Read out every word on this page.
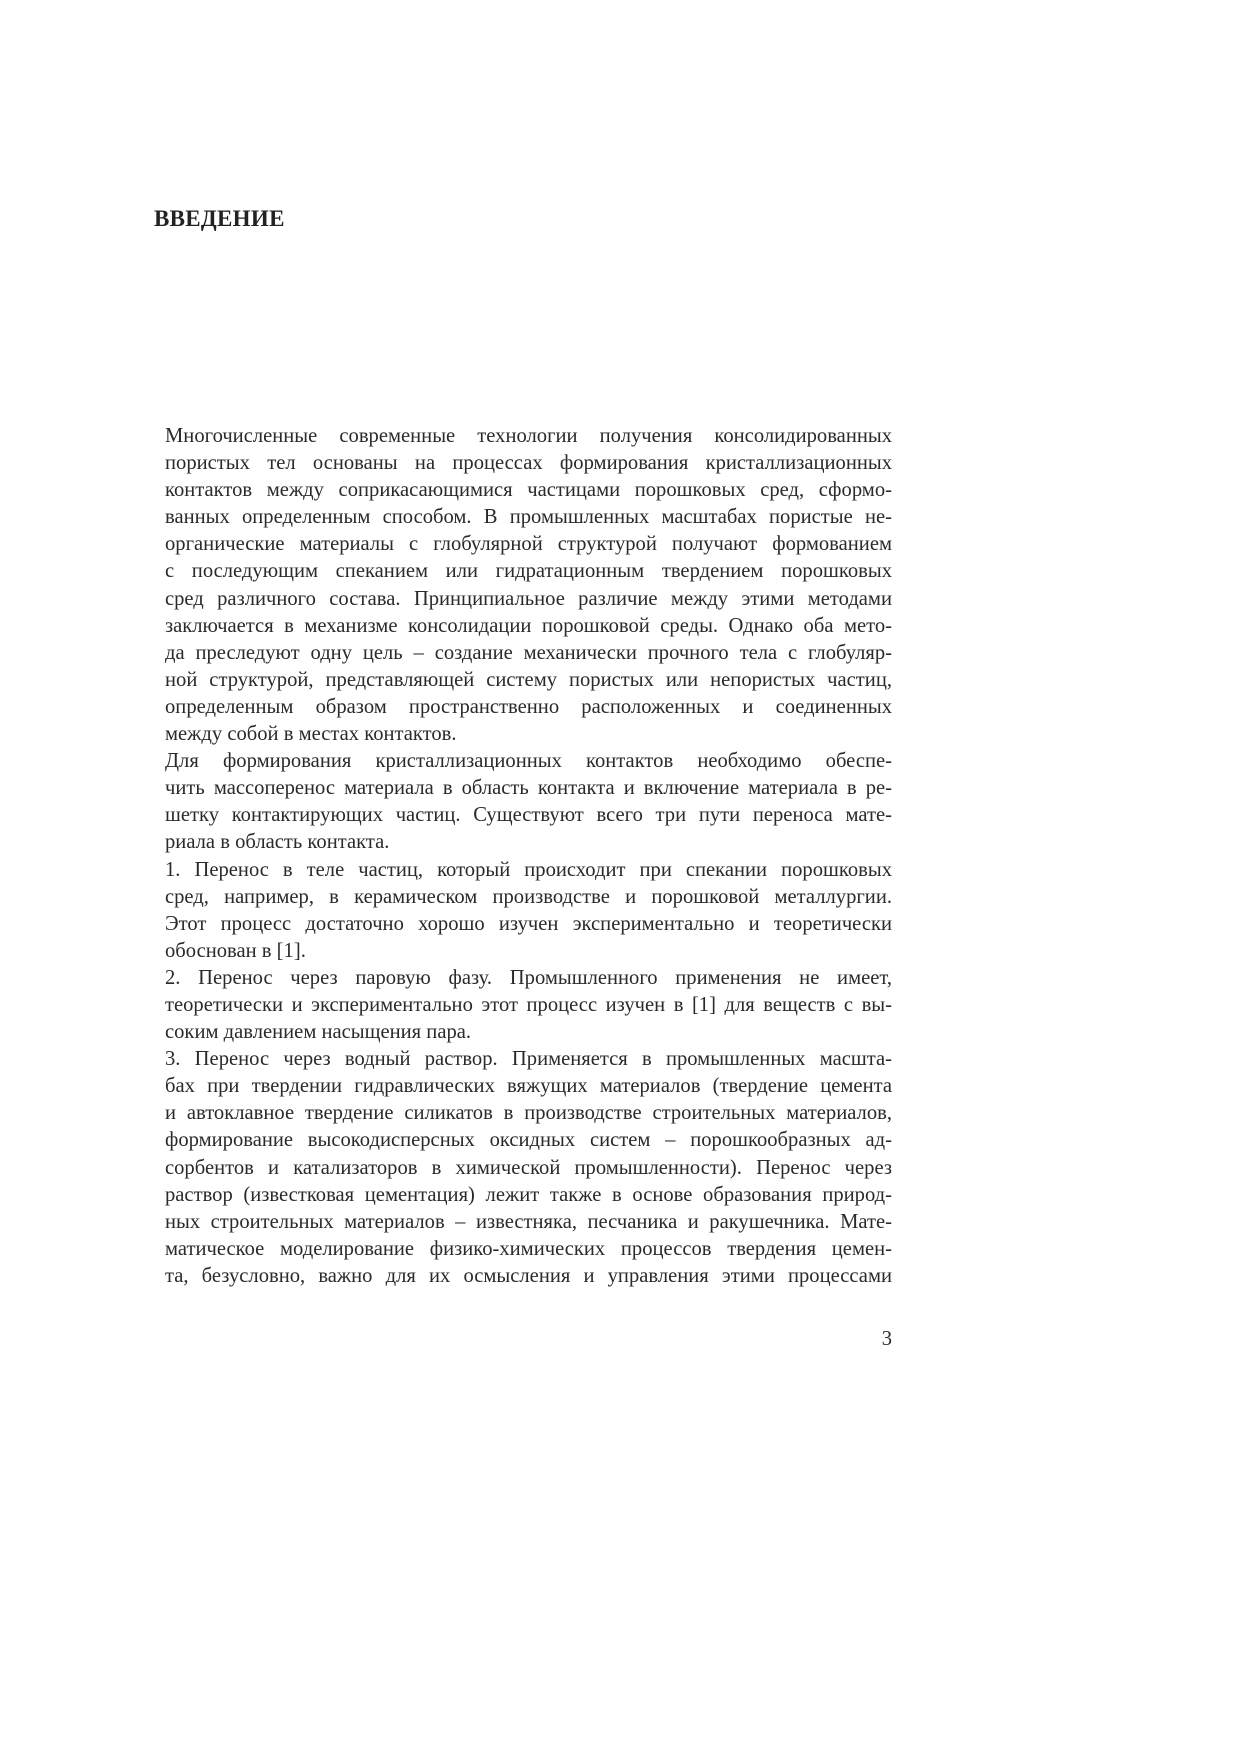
ВВЕДЕНИЕ

Многочисленные современные технологии получения консолидированных
пористых тел основаны на процессах формирования кристаллизационных
контактов между соприкасающимися частицами порошковых сред, сформо-
ванных определенным способом. В промышленных масштабах пористые не-
органические материалы с глобулярной структурой получают формованием
с последующим спеканием или гидратационным твердением порошковых
сред различного состава. Принципиальное различие между этими методами
заключается в механизме консолидации порошковой среды. Однако оба мето-
да преследуют одну цель – создание механически прочного тела с глобуляр-
ной структурой, представляющей систему пористых или непористых частиц,
определенным образом пространственно расположенных и соединенных
между собой в местах контактов.

Для формирования кристаллизационных контактов необходимо обеспе-
чить массоперенос материала в область контакта и включение материала в ре-
шетку контактирующих частиц. Существуют всего три пути переноса мате-
риала в область контакта.

1. Перенос в теле частиц, который происходит при спекании порошковых
сред, например, в керамическом производстве и порошковой металлургии.
Этот процесс достаточно хорошо изучен экспериментально и теоретически
обоснован в [1].

2. Перенос через паровую фазу. Промышленного применения не имеет,
теоретически и экспериментально этот процесс изучен в [1] для веществ с вы-
соким давлением насыщения пара.

3. Перенос через водный раствор. Применяется в промышленных масшта-
бах при твердении гидравлических вяжущих материалов (твердение цемента
и автоклавное твердение силикатов в производстве строительных материалов,
формирование высокодисперсных оксидных систем – порошкообразных ад-
сорбентов и катализаторов в химической промышленности). Перенос через
раствор (известковая цементация) лежит также в основе образования природ-
ных строительных материалов – известняка, песчаника и ракушечника. Мате-
матическое моделирование физико-химических процессов твердения цемен-
та, безусловно, важно для их осмысления и управления этими процессами

3
